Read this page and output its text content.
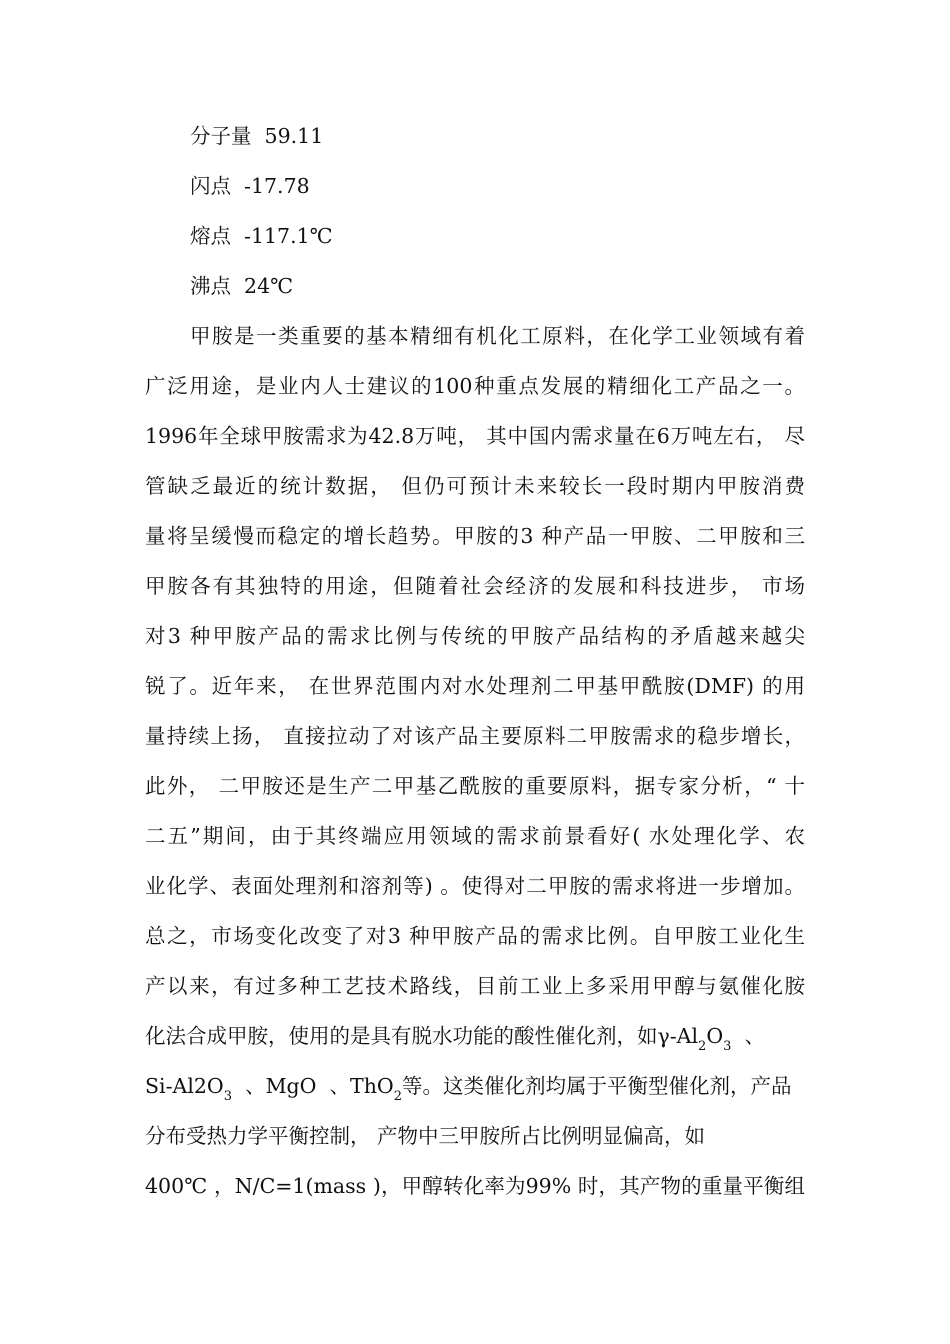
分子量 59.11
闪点 -17.78
熔点 -117.1℃
沸点 24℃
甲胺是一类重要的基本精细有机化工原料，在化学工业领域有着
广泛用途，是业内人士建议的100种重点发展的精细化工产品之一。
1996年全球甲胺需求为42.8万吨， 其中国内需求量在6万吨左右， 尽
管缺乏最近的统计数据， 但仍可预计未来较长一段时期内甲胺消费
量将呈缓慢而稳定的增长趋势。甲胺的3 种产品一甲胺、二甲胺和三
甲胺各有其独特的用途，但随着社会经济的发展和科技进步， 市场
对3 种甲胺产品的需求比例与传统的甲胺产品结构的矛盾越来越尖
锐了。近年来， 在世界范围内对水处理剂二甲基甲酰胺(DMF) 的用
量持续上扬， 直接拉动了对该产品主要原料二甲胺需求的稳步增长，
此外， 二甲胺还是生产二甲基乙酰胺的重要原料，据专家分析，“ 十
二五”期间，由于其终端应用领域的需求前景看好( 水处理化学、农
业化学、表面处理剂和溶剂等) 。使得对二甲胺的需求将进一步增加。
总之，市场变化改变了对3 种甲胺产品的需求比例。自甲胺工业化生
产以来，有过多种工艺技术路线，目前工业上多采用甲醇与氨催化胺
化法合成甲胺，使用的是具有脱水功能的酸性催化剂，如$\gamma-Al_2O_3$  、
$Si-Al2O_3$  、MgO  、ThO$_2$等。这类催化剂均属于平衡型催化剂，产品
分布受热力学平衡控制， 产物中三甲胺所占比例明显偏高，如
400℃ ，N/C=1(mass )，甲醇转化率为99% 时，其产物的重量平衡组
